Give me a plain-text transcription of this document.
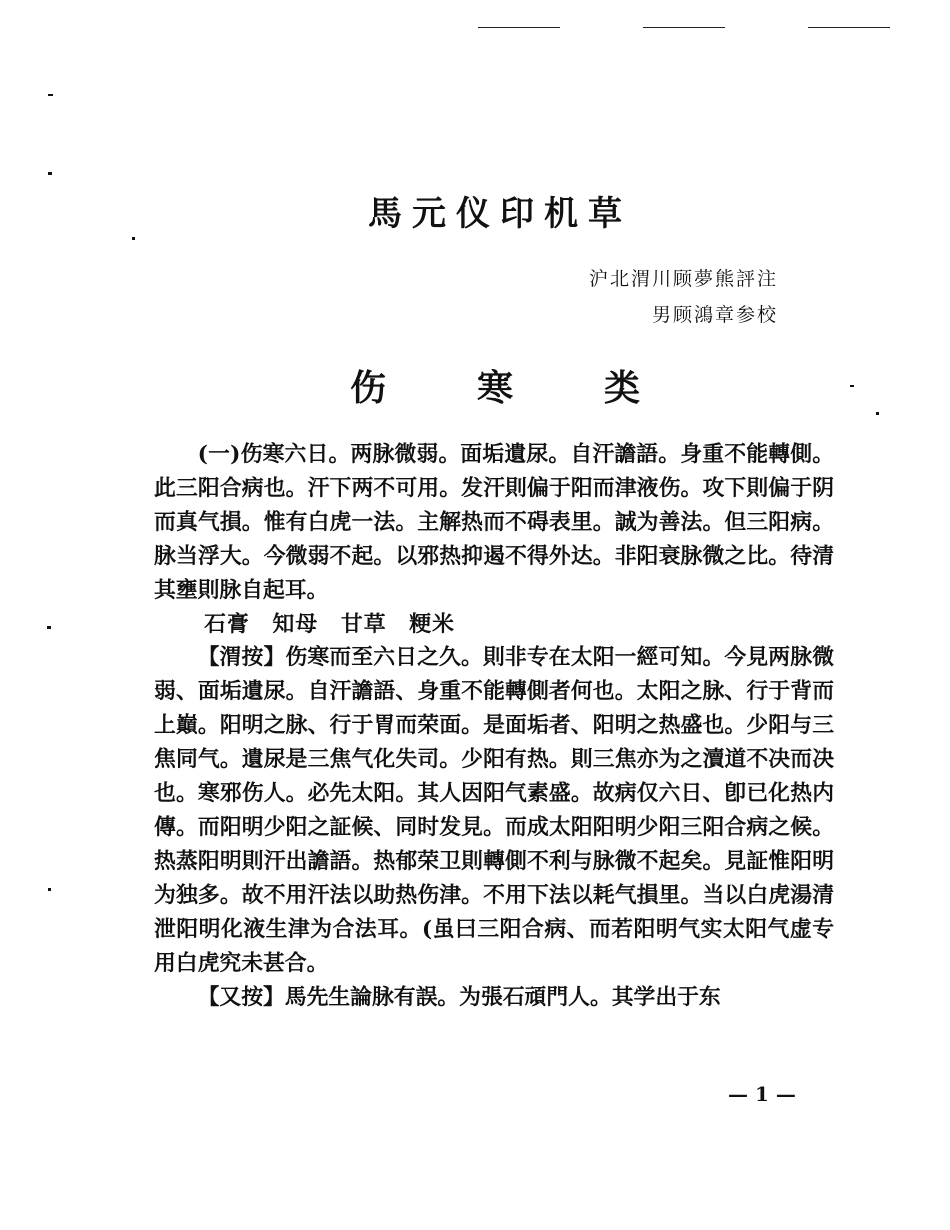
馬元仪印机草
沪北渭川顾夢熊評注
男顾鴻章参校
伤	寒	类

(一)伤寒六日。两脉微弱。面垢遺尿。自汗譫語。身重不能轉側。此三阳合病也。汗下两不可用。发汗則偏于阳而津液伤。攻下則偏于阴而真气損。惟有白虎一法。主解热而不碍表里。誠为善法。但三阳病。脉当浮大。今微弱不起。以邪热抑遏不得外达。非阳衰脉微之比。待清其壅則脉自起耳。

石膏　知母　甘草　粳米

【渭按】伤寒而至六日之久。則非专在太阳一經可知。今見两脉微弱、面垢遺尿。自汗譫語、身重不能轉側者何也。太阳之脉、行于背而上巔。阳明之脉、行于胃而荣面。是面垢者、阳明之热盛也。少阳与三焦同气。遺尿是三焦气化失司。少阳有热。則三焦亦为之瀆道不决而决也。寒邪伤人。必先太阳。其人因阳气素盛。故病仅六日、卽已化热内傳。而阳明少阳之証候、同时发見。而成太阳阳明少阳三阳合病之候。热蒸阳明則汗出譫語。热郁荣卫則轉側不利与脉微不起矣。見証惟阳明为独多。故不用汗法以助热伤津。不用下法以耗气損里。当以白虎湯清泄阳明化液生津为合法耳。(虽曰三阳合病、而若阳明气实太阳气虚专用白虎究未甚合。

【又按】馬先生論脉有誤。为張石頑門人。其学出于东

— 1 —
